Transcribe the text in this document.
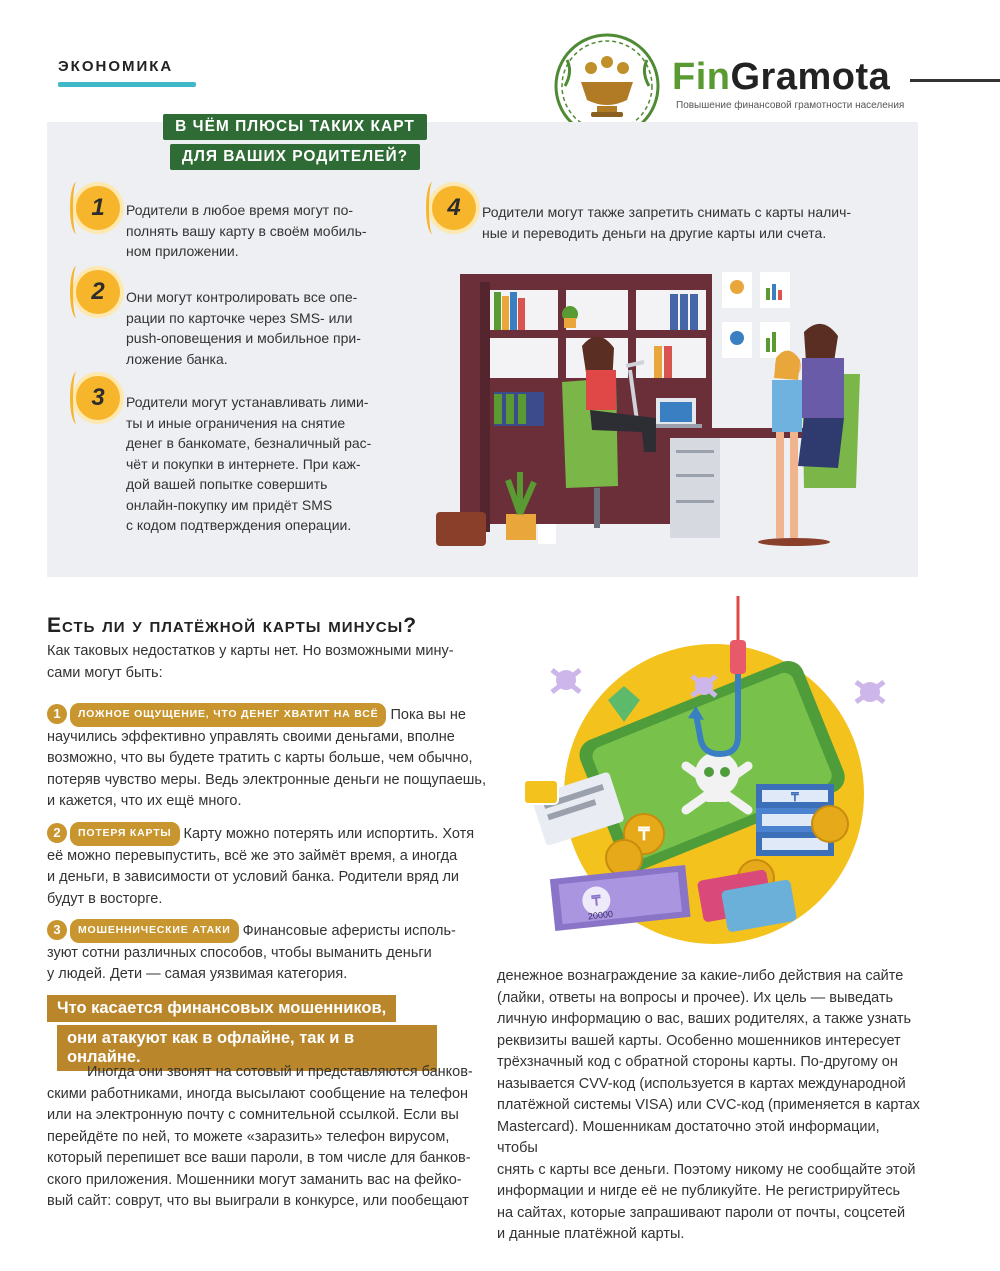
ЭКОНОМИКА	FinGramota
Повышение финансовой грамотности населения
В ЧЁМ ПЛЮСЫ ТАКИХ КАРТ
ДЛЯ ВАШИХ РОДИТЕЛЕЙ?
1	Родители в любое время могут по-
полнять вашу карту в своём мобиль-
ном приложении.
2	Они могут контролировать все опе-
рации по карточке через SMS- или
push-оповещения и мобильное при-
ложение банка.
3	Родители могут устанавливать лими-
ты и иные ограничения на снятие
денег в банкомате, безналичный рас-
чёт и покупки в интернете. При каж-
дой вашей попытке совершить
онлайн-покупку им придёт SMS
с кодом подтверждения операции.
4	Родители могут также запретить снимать с карты налич-
ные и переводить деньги на другие карты или счета.
Есть ли у платёжной карты минусы?
Как таковых недостатков у карты нет. Но возможными мину-
сами могут быть:
1 ЛОЖНОЕ ОЩУЩЕНИЕ, ЧТО ДЕНЕГ ХВАТИТ НА ВСЁ Пока вы не
научились эффективно управлять своими деньгами, вполне
возможно, что вы будете тратить с карты больше, чем обычно,
потеряв чувство меры. Ведь электронные деньги не пощупаешь,
и кажется, что их ещё много.
2 ПОТЕРЯ КАРТЫ Карту можно потерять или испортить. Хотя
её можно перевыпустить, всё же это займёт время, а иногда
и деньги, в зависимости от условий банка. Родители вряд ли
будут в восторге.
3 МОШЕННИЧЕСКИЕ АТАКИ Финансовые аферисты исполь-
зуют сотни различных способов, чтобы выманить деньги
у людей. Дети — самая уязвимая категория.
Что касается финансовых мошенников,
они атакуют как в офлайне, так и в онлайне.
Иногда они звонят на сотовый и представляются банков-
скими работниками, иногда высылают сообщение на телефон
или на электронную почту с сомнительной ссылкой. Если вы
перейдёте по ней, то можете «заразить» телефон вирусом,
который перепишет все ваши пароли, в том числе для банков-
ского приложения. Мошенники могут заманить вас на фейко-
вый сайт: соврут, что вы выиграли в конкурсе, или пообещают
денежное вознаграждение за какие-либо действия на сайте
(лайки, ответы на вопросы и прочее). Их цель — выведать
личную информацию о вас, ваших родителях, а также узнать
реквизиты вашей карты. Особенно мошенников интересует
трёхзначный код с обратной стороны карты. По-другому он
называется CVV-код (используется в картах международной
платёжной системы VISA) или CVC-код (применяется в картах
Mastercard). Мошенникам достаточно этой информации, чтобы
снять с карты все деньги. Поэтому никому не сообщайте этой
информации и нигде её не публикуйте. Не регистрируйтесь
на сайтах, которые запрашивают пароли от почты, соцсетей
и данные платёжной карты.
₸
₸
₸
20000
